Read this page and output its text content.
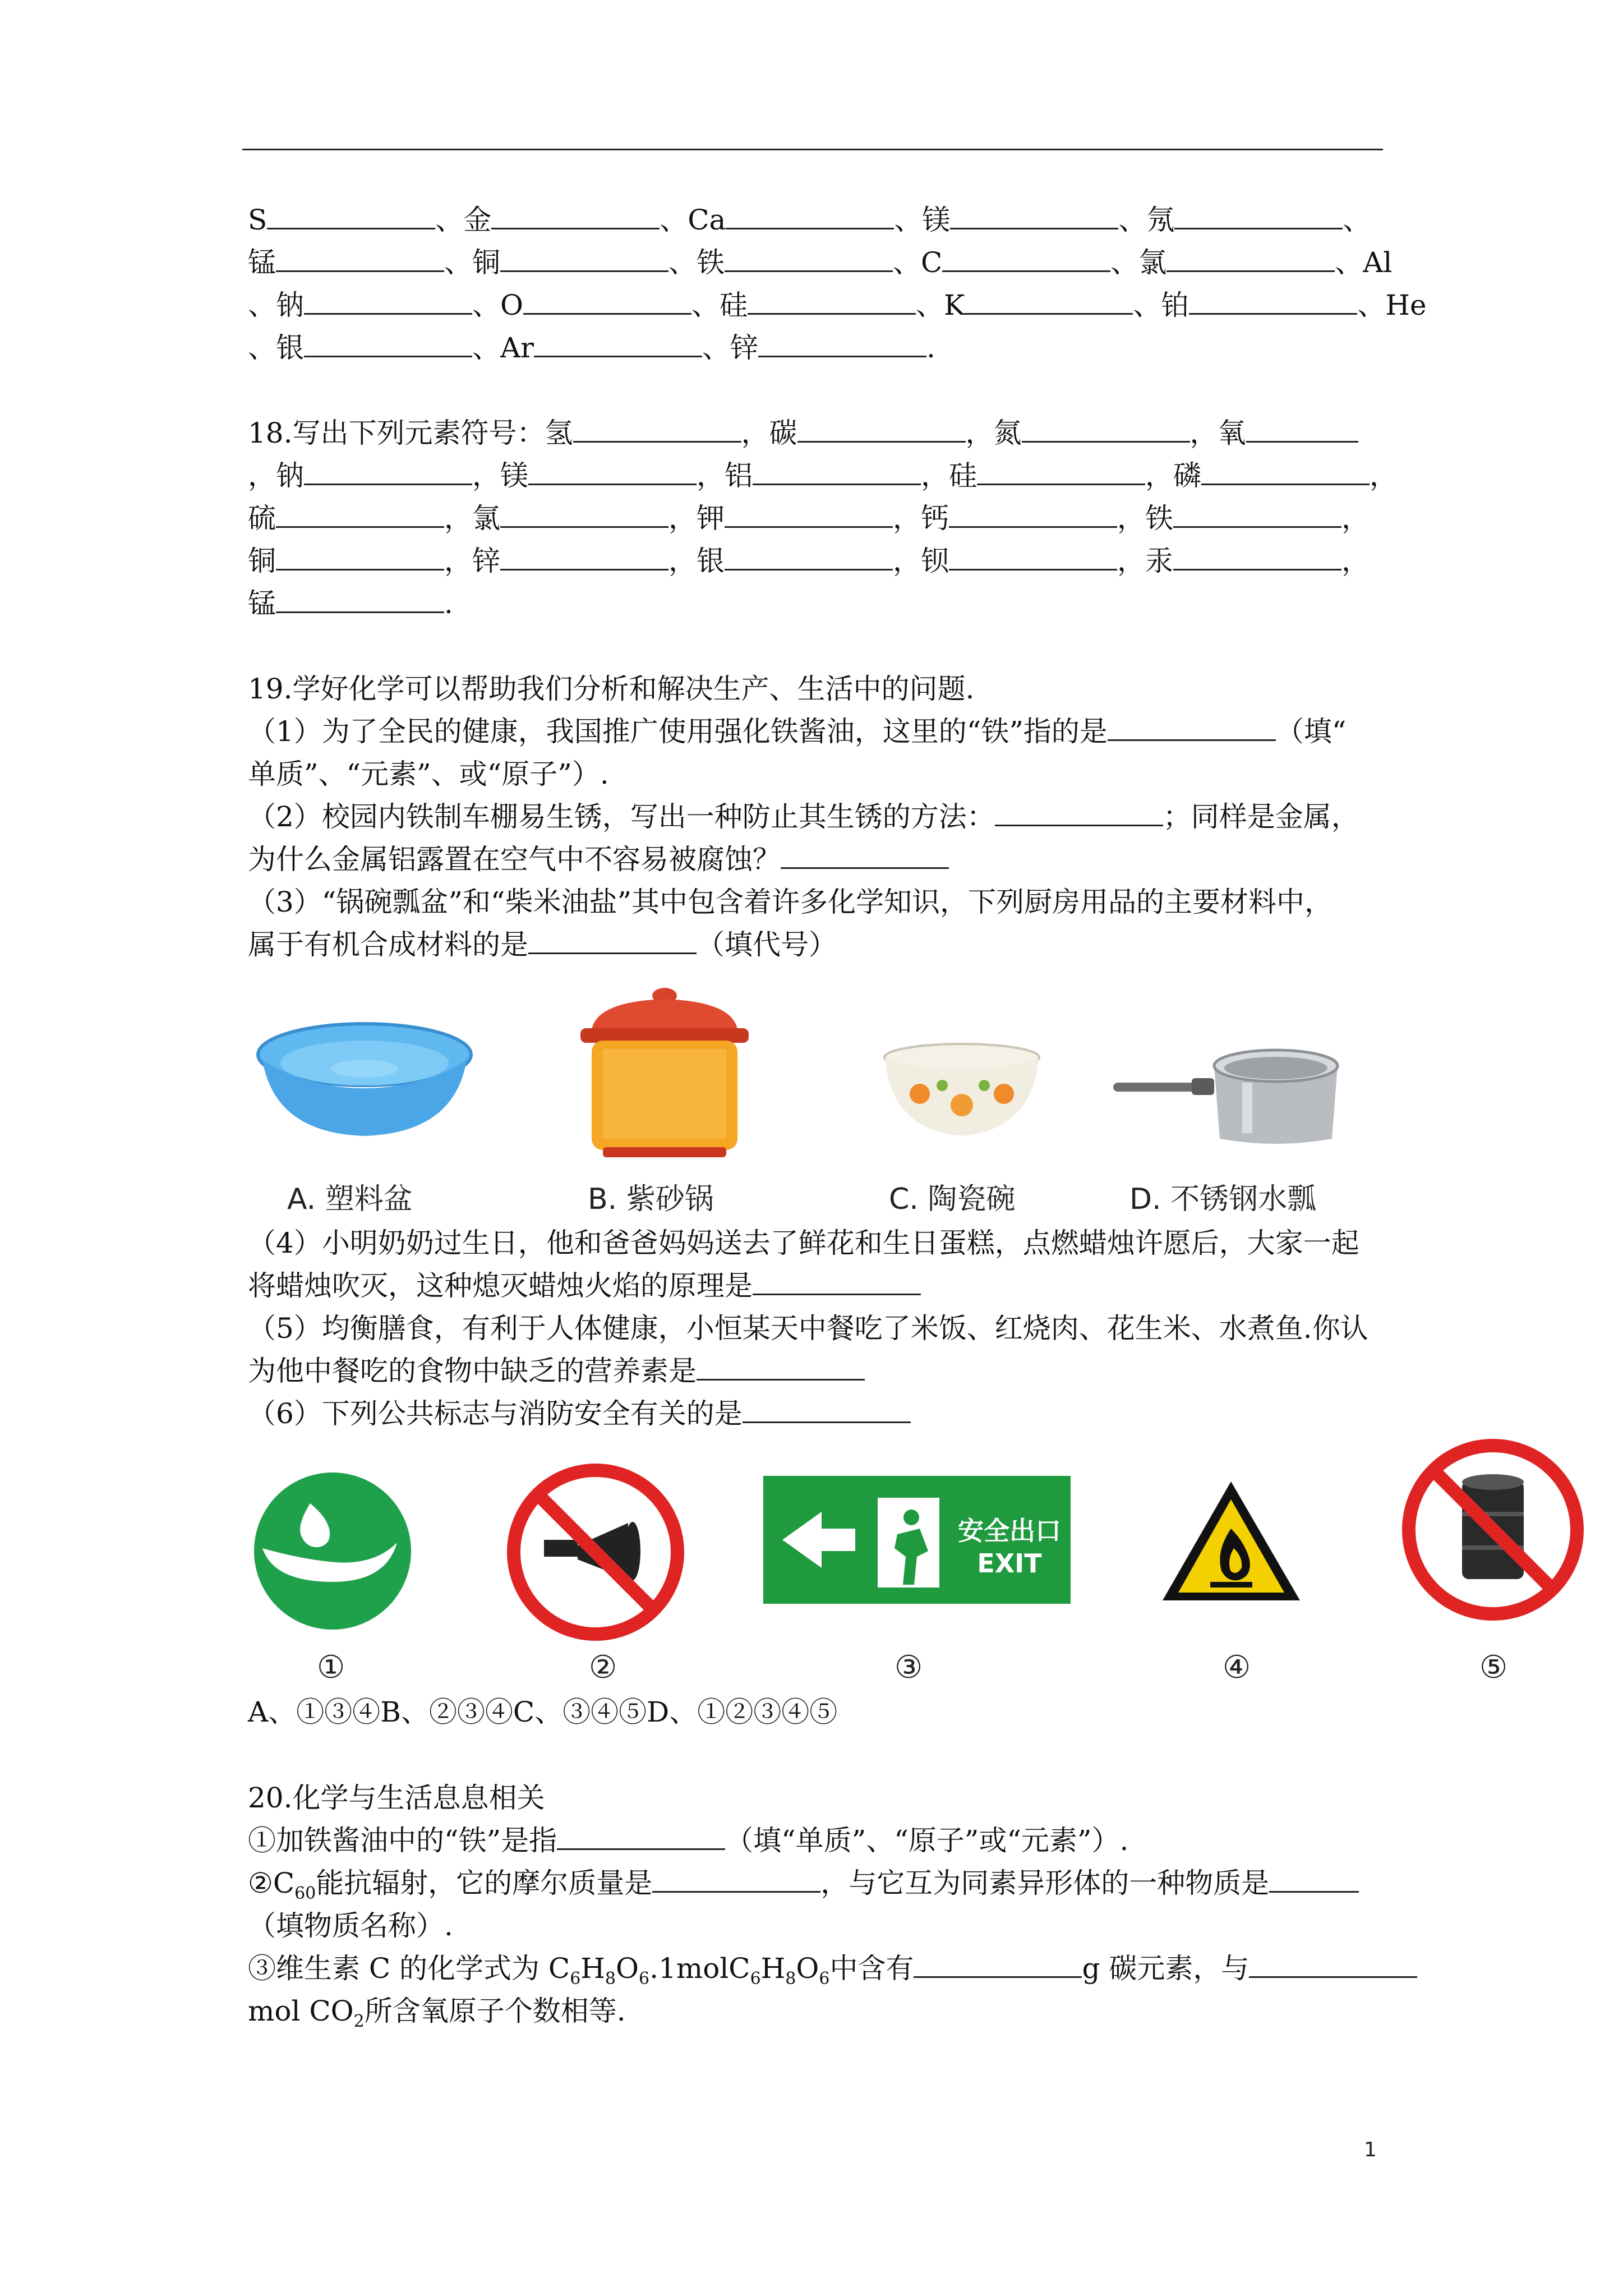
S	、金	、Ca	、镁	、氖	、
锰	、铜	、铁	、C	、氯	、Al
、钠	、O	、硅	、K	、铂	、He
、银	、Ar	、锌	.
18.写出下列元素符号：氢	，碳	，氮	，氧
，钠	，镁	，铝	，硅	，磷	，
硫	，氯	，钾	，钙	，铁	，
铜	，锌	，银	，钡	，汞	，
锰	.
19.学好化学可以帮助我们分析和解决生产、生活中的问题.
（1）为了全民的健康，我国推广使用强化铁酱油，这里的“铁”指的是	（填“
单质”、“元素”、或“原子”）.
（2）校园内铁制车棚易生锈，写出一种防止其生锈的方法：	；同样是金属，
为什么金属铝露置在空气中不容易被腐蚀？
（3）“锅碗瓢盆”和“柴米油盐”其中包含着许多化学知识，下列厨房用品的主要材料中，
属于有机合成材料的是	（填代号）
A. 塑料盆	B. 紫砂锅	C. 陶瓷碗	D. 不锈钢水瓢
（4）小明奶奶过生日，他和爸爸妈妈送去了鲜花和生日蛋糕，点燃蜡烛许愿后，大家一起
将蜡烛吹灭，这种熄灭蜡烛火焰的原理是
（5）均衡膳食，有利于人体健康，小恒某天中餐吃了米饭、红烧肉、花生米、水煮鱼.你认
为他中餐吃的食物中缺乏的营养素是
（6）下列公共标志与消防安全有关的是
安全出口
EXIT
①	②	③	④	⑤
A、①③④B、②③④C、③④⑤D、①②③④⑤
20.化学与生活息息相关
①加铁酱油中的“铁”是指	（填“单质”、“原子”或“元素”）.
$②C_{60}$能抗辐射，它的摩尔质量是	，与它互为同素异形体的一种物质是
（填物质名称）.
③维生素 C 的化学式为 $C_6H_8O_6.1molC_6H_8O_6$中含有	g 碳元素，与
mol $CO_2$所含氧原子个数相等.
1
